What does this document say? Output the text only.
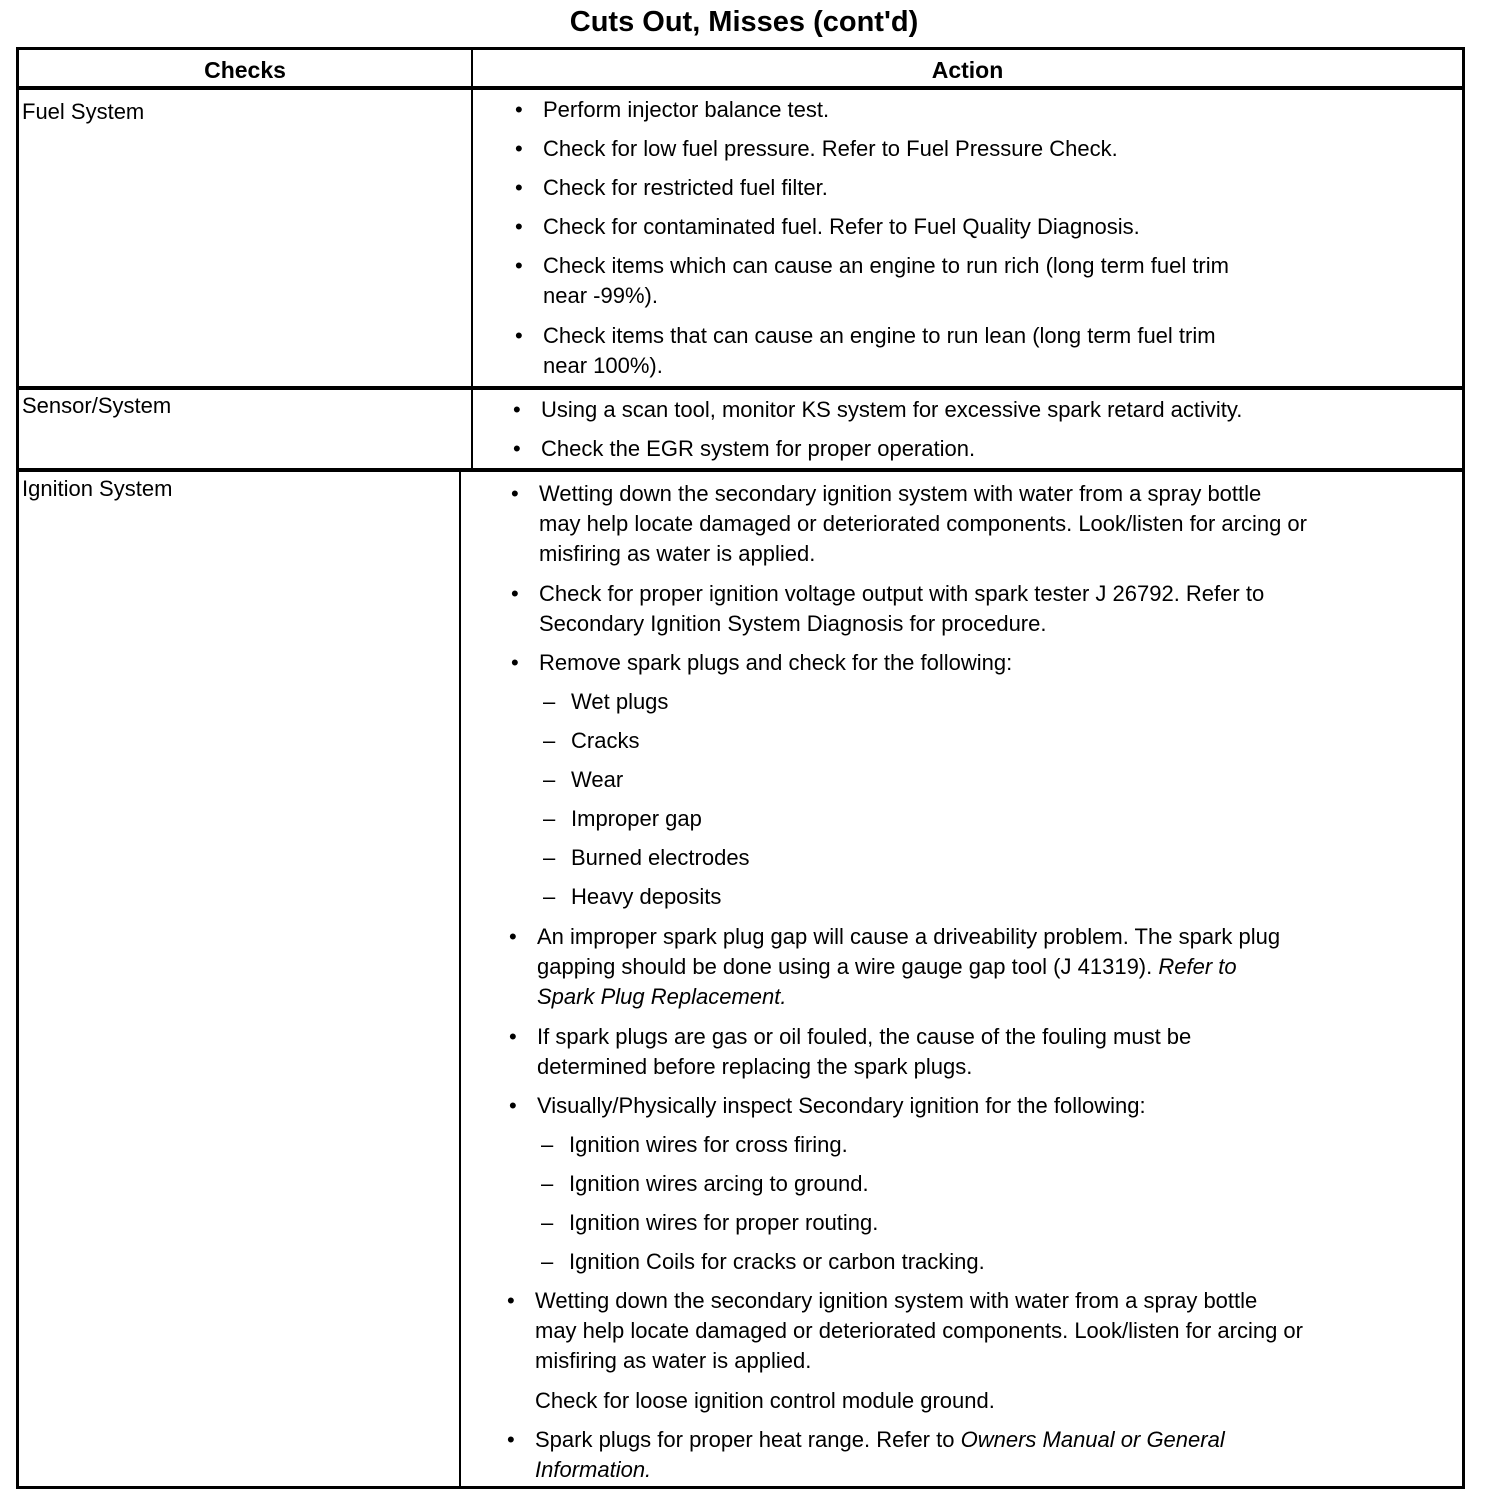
Cuts Out, Misses (cont'd)
Checks	Action
Fuel System	• Perform injector balance test.
• Check for low fuel pressure. Refer to Fuel Pressure Check.
• Check for restricted fuel filter.
• Check for contaminated fuel. Refer to Fuel Quality Diagnosis.
• Check items which can cause an engine to run rich (long term fuel trim
near -99%).
• Check items that can cause an engine to run lean (long term fuel trim
near 100%).
Sensor/System	• Using a scan tool, monitor KS system for excessive spark retard activity.
• Check the EGR system for proper operation.
Ignition System	• Wetting down the secondary ignition system with water from a spray bottle
may help locate damaged or deteriorated components. Look/listen for arcing or
misfiring as water is applied.
• Check for proper ignition voltage output with spark tester J 26792. Refer to
Secondary Ignition System Diagnosis for procedure.
• Remove spark plugs and check for the following:
– Wet plugs
– Cracks
– Wear
– Improper gap
– Burned electrodes
– Heavy deposits
• An improper spark plug gap will cause a driveability problem. The spark plug
gapping should be done using a wire gauge gap tool (J 41319). Refer to
Spark Plug Replacement.
• If spark plugs are gas or oil fouled, the cause of the fouling must be
determined before replacing the spark plugs.
• Visually/Physically inspect Secondary ignition for the following:
– Ignition wires for cross firing.
– Ignition wires arcing to ground.
– Ignition wires for proper routing.
– Ignition Coils for cracks or carbon tracking.
• Wetting down the secondary ignition system with water from a spray bottle
may help locate damaged or deteriorated components. Look/listen for arcing or
misfiring as water is applied.
Check for loose ignition control module ground.
• Spark plugs for proper heat range. Refer to Owners Manual or General
Information.
